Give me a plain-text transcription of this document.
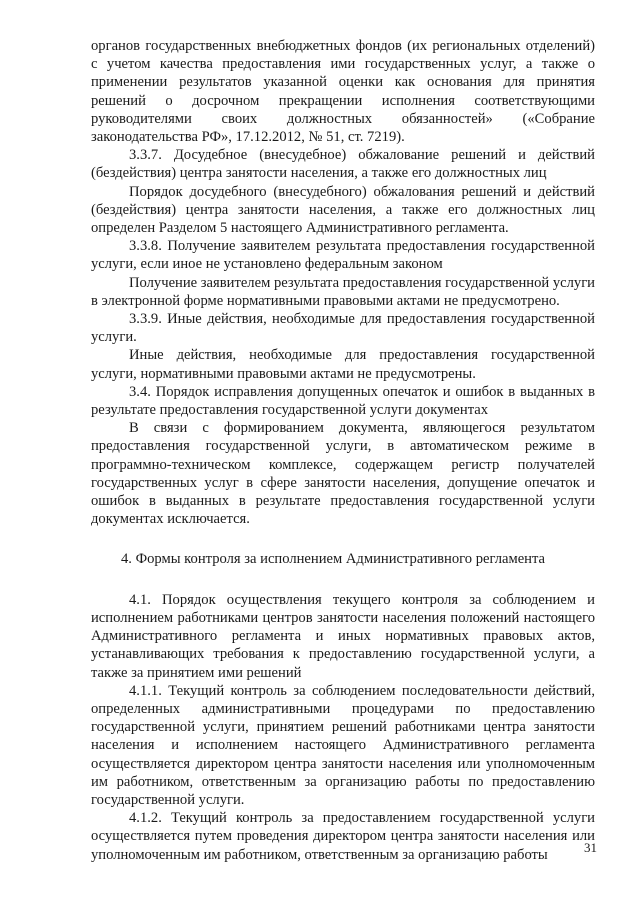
органов государственных внебюджетных фондов (их региональных отделений) с учетом качества предоставления ими государственных услуг, а также о применении результатов указанной оценки как основания для принятия решений о досрочном прекращении исполнения соответствующими руководителями своих должностных обязанностей» («Собрание законодательства РФ», 17.12.2012, № 51, ст. 7219).

3.3.7. Досудебное (внесудебное) обжалование решений и действий (бездействия) центра занятости населения, а также его должностных лиц

Порядок досудебного (внесудебного) обжалования решений и действий (бездействия) центра занятости населения, а также его должностных лиц определен Разделом 5 настоящего Административного регламента.

3.3.8. Получение заявителем результата предоставления государственной услуги, если иное не установлено федеральным законом

Получение заявителем результата предоставления государственной услуги в электронной форме нормативными правовыми актами не предусмотрено.

3.3.9. Иные действия, необходимые для предоставления государственной услуги.

Иные действия, необходимые для предоставления государственной услуги, нормативными правовыми актами не предусмотрены.

3.4. Порядок исправления допущенных опечаток и ошибок в выданных в результате предоставления государственной услуги документах

В связи с формированием документа, являющегося результатом предоставления государственной услуги, в автоматическом режиме в программно-техническом комплексе, содержащем регистр получателей государственных услуг в сфере занятости населения, допущение опечаток и ошибок в выданных в результате предоставления государственной услуги документах исключается.

4. Формы контроля за исполнением Административного регламента

4.1. Порядок осуществления текущего контроля за соблюдением и исполнением работниками центров занятости населения положений настоящего Административного регламента и иных нормативных правовых актов, устанавливающих требования к предоставлению государственной услуги, а также за принятием ими решений

4.1.1. Текущий контроль за соблюдением последовательности действий, определенных административными процедурами по предоставлению государственной услуги, принятием решений работниками центра занятости населения и исполнением настоящего Административного регламента осуществляется директором центра занятости населения или уполномоченным им работником, ответственным за организацию работы по предоставлению государственной услуги.

4.1.2. Текущий контроль за предоставлением государственной услуги осуществляется путем проведения директором центра занятости населения или уполномоченным им работником, ответственным за организацию работы	31
